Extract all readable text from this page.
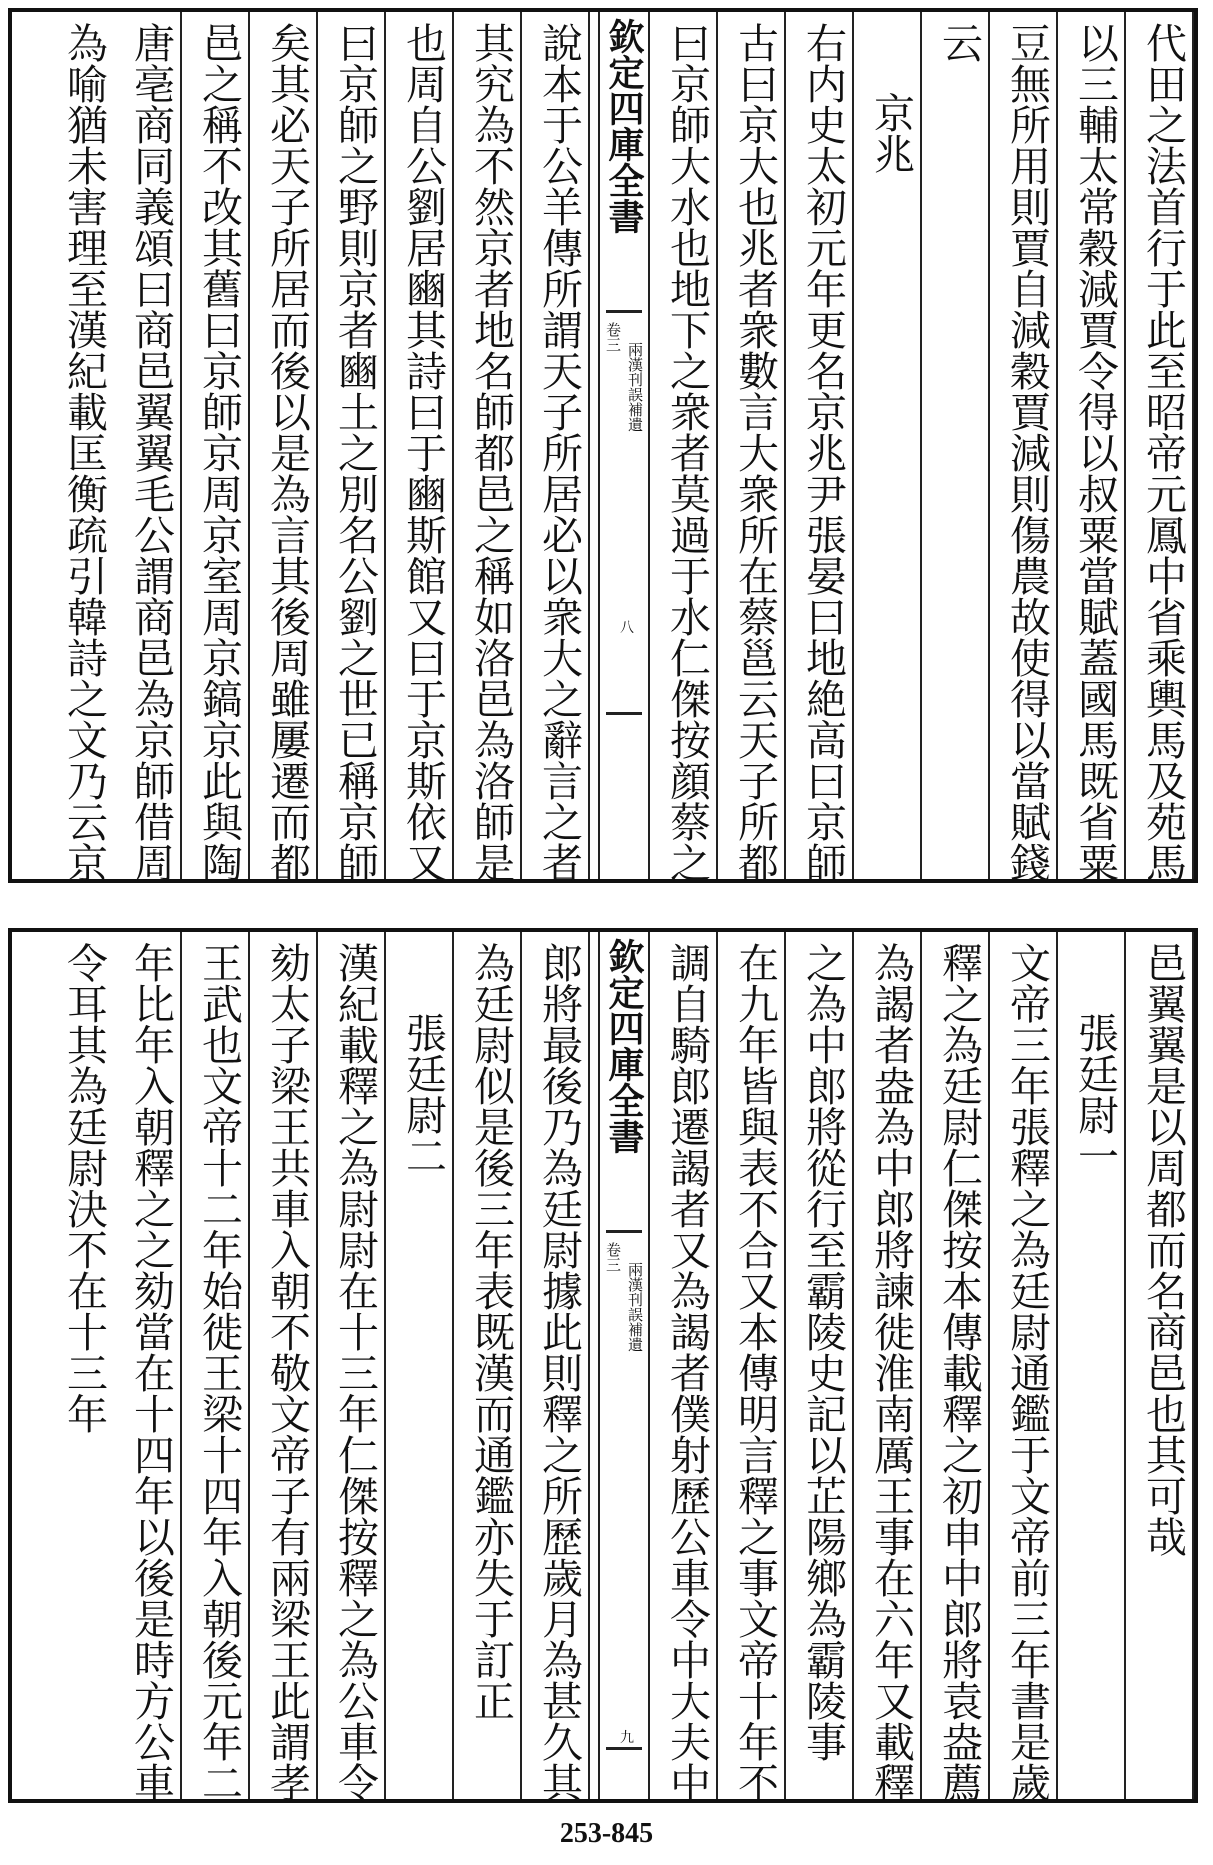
代田之法首行于此至昭帝元鳳中省乘輿馬及苑馬
以三輔太常穀減賈令得以叔粟當賦蓋國馬既省粟
豆無所用則賈自減穀賈減則傷農故使得以當賦錢
云
京兆
右内史太初元年更名京兆尹張晏曰地絶高曰京師
古曰京大也兆者衆數言大衆所在蔡邕云天子所都
曰京師大水也地下之衆者莫過于水仁傑按顔蔡之
欽定四庫全書
卷三
兩漢刊誤補遺
八
說本于公羊傳所謂天子所居必以衆大之辭言之者
其究為不然京者地名師都邑之稱如洛邑為洛師是
也周自公劉居豳其詩曰于豳斯館又曰于京斯依又
曰京師之野則京者豳土之別名公劉之世已稱京師
矣其必天子所居而後以是為言其後周雖屢遷而都
邑之稱不改其舊曰京師京周京室周京鎬京此與陶
唐亳商同義頌曰商邑翼翼毛公謂商邑為京師借周
為喻猶未害理至漢紀載匡衡疏引韓詩之文乃云京
邑翼翼是以周都而名商邑也其可哉
張廷尉一
文帝三年張釋之為廷尉通鑑于文帝前三年書是歲
釋之為廷尉仁傑按本傳載釋之初申中郎將袁盎薦
為謁者盎為中郎將諫徙淮南厲王事在六年又載釋
之為中郎將從行至霸陵史記以芷陽鄉為霸陵事
在九年皆與表不合又本傳明言釋之事文帝十年不
調自騎郎遷謁者又為謁者僕射歷公車令中大夫中
欽定四庫全書
卷三
兩漢刊誤補遺
九
郎將最後乃為廷尉據此則釋之所歷歲月為甚久其
為廷尉似是後三年表既漢而通鑑亦失于訂正
張廷尉二
漢紀載釋之為尉尉在十三年仁傑按釋之為公車令
劾太子梁王共車入朝不敬文帝子有兩梁王此謂孝
王武也文帝十二年始徙王梁十四年入朝後元年二
年比年入朝釋之之劾當在十四年以後是時方公車
令耳其為廷尉決不在十三年
253-845
